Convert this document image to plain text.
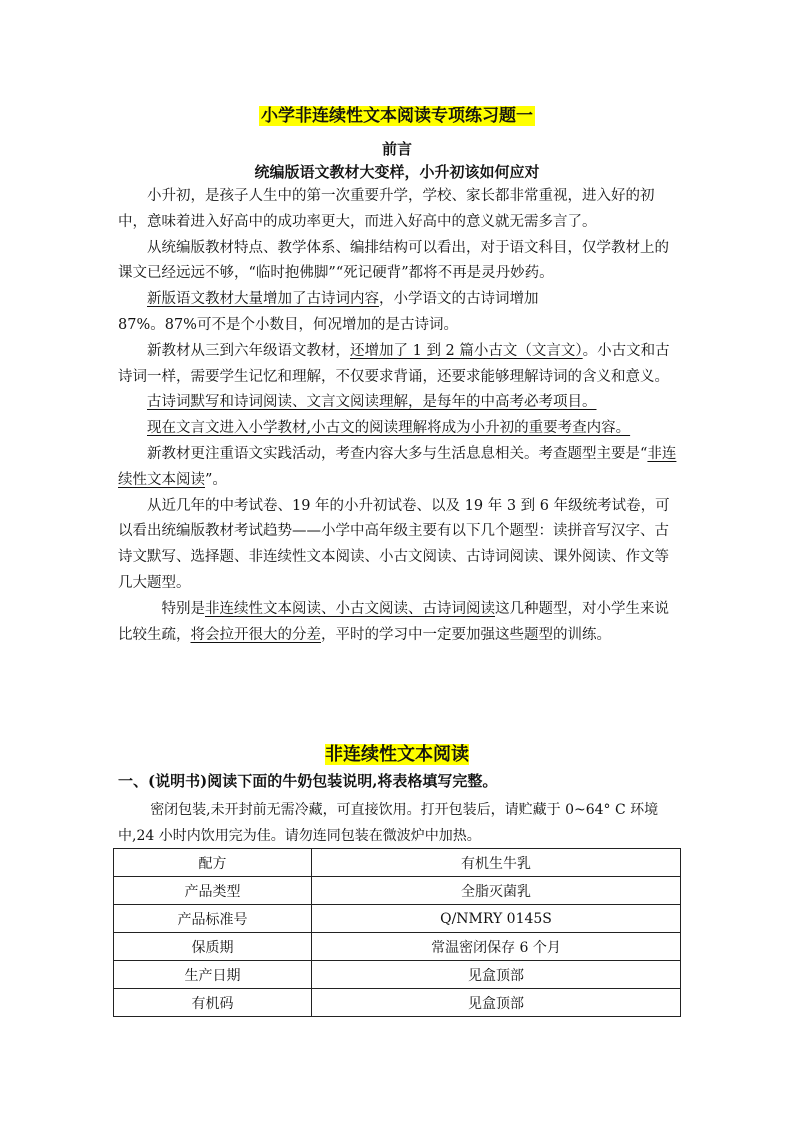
小学非连续性文本阅读专项练习题一
前言
统编版语文教材大变样，小升初该如何应对

小升初，是孩子人生中的第一次重要升学，学校、家长都非常重视，进入好的初中，意味着进入好高中的成功率更大，而进入好高中的意义就无需多言了。

从统编版教材特点、教学体系、编排结构可以看出，对于语文科目，仅学教材上的课文已经远远不够，“临时抱佛脚”“死记硬背”都将不再是灵丹妙药。

新版语文教材大量增加了古诗词内容，小学语文的古诗词增加

87%。87%可不是个小数目，何况增加的是古诗词。

新教材从三到六年级语文教材，还增加了 1 到 2 篇小古文（文言文）。小古文和古诗词一样，需要学生记忆和理解，不仅要求背诵，还要求能够理解诗词的含义和意义。

古诗词默写和诗词阅读、文言文阅读理解，是每年的中高考必考项目。

现在文言文进入小学教材,小古文的阅读理解将成为小升初的重要考查内容。

新教材更注重语文实践活动，考查内容大多与生活息息相关。考查题型主要是“非连续性文本阅读”。

从近几年的中考试卷、19 年的小升初试卷、以及 19 年 3 到 6 年级统考试卷，可以看出统编版教材考试趋势——小学中高年级主要有以下几个题型：读拼音写汉字、古诗文默写、选择题、非连续性文本阅读、小古文阅读、古诗词阅读、课外阅读、作文等几大题型。

特别是非连续性文本阅读、小古文阅读、古诗词阅读这几种题型，对小学生来说比较生疏，将会拉开很大的分差，平时的学习中一定要加强这些题型的训练。

非连续性文本阅读
一、(说明书)阅读下面的牛奶包装说明,将表格填写完整。

密闭包装,未开封前无需冷藏，可直接饮用。打开包装后，请贮藏于 0~64° C 环境中,24 小时内饮用完为佳。请勿连同包装在微波炉中加热。

配方	有机生牛乳
产品类型	全脂灭菌乳
产品标准号	Q/NMRY 0145S
保质期	常温密闭保存 6 个月
生产日期	见盒顶部
有机码	见盒顶部
